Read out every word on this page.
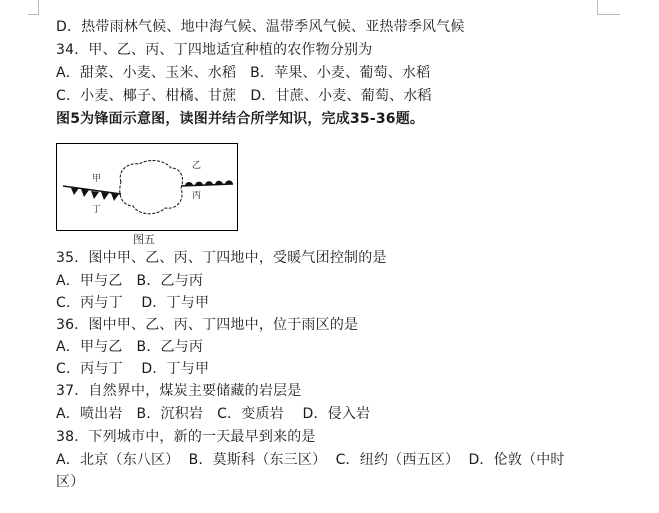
D．热带雨林气候、地中海气候、温带季风气候、亚热带季风气候
34．甲、乙、丙、丁四地适宜种植的农作物分别为
A．甜菜、小麦、玉米、水稻   B．苹果、小麦、葡萄、水稻
C．小麦、椰子、柑橘、甘蔗   D．甘蔗、小麦、葡萄、水稻
图5为锋面示意图，读图并结合所学知识，完成35-36题。
甲
丁
乙
丙
图五
35．图中甲、乙、丙、丁四地中，受暖气团控制的是
A．甲与乙   B．乙与丙
C．丙与丁    D．丁与甲
36．图中甲、乙、丙、丁四地中，位于雨区的是
A．甲与乙   B．乙与丙
C．丙与丁    D．丁与甲
37．自然界中，煤炭主要储藏的岩层是
A．喷出岩   B．沉积岩   C．变质岩    D．侵入岩
38．下列城市中，新的一天最早到来的是
A．北京（东八区）  B．莫斯科（东三区）  C．纽约（西五区）  D．伦敦（中时
区）
